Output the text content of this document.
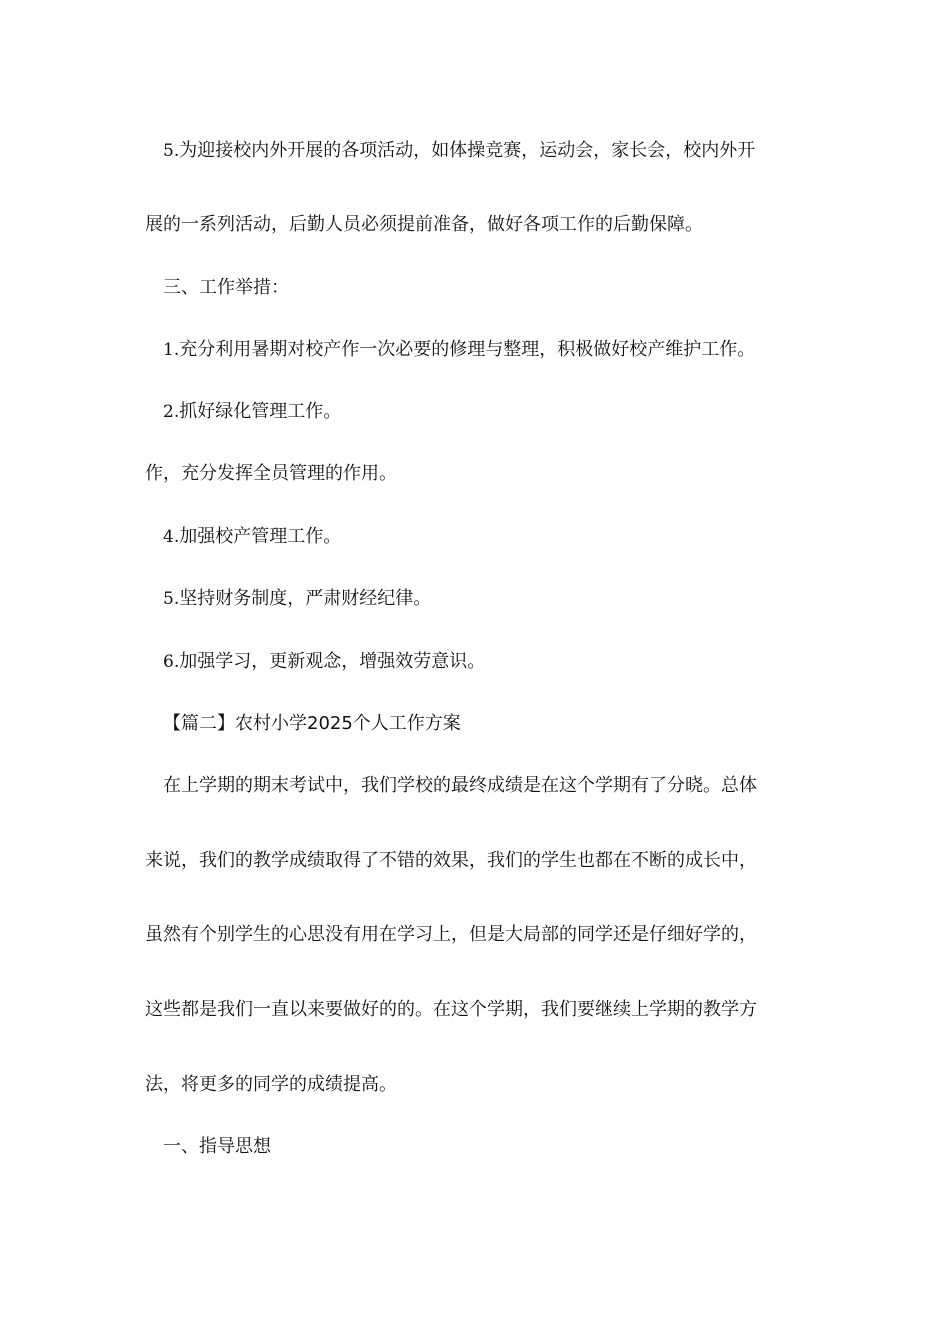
5.为迎接校内外开展的各项活动，如体操竞赛，运动会，家长会，校内外开
展的一系列活动，后勤人员必须提前准备，做好各项工作的后勤保障。
三、工作举措：
1.充分利用暑期对校产作一次必要的修理与整理，积极做好校产维护工作。
2.抓好绿化管理工作。
作，充分发挥全员管理的作用。
4.加强校产管理工作。
5.坚持财务制度，严肃财经纪律。
6.加强学习，更新观念，增强效劳意识。
【篇二】农村小学2025个人工作方案
在上学期的期末考试中，我们学校的最终成绩是在这个学期有了分晓。总体
来说，我们的教学成绩取得了不错的效果，我们的学生也都在不断的成长中，
虽然有个别学生的心思没有用在学习上，但是大局部的同学还是仔细好学的，
这些都是我们一直以来要做好的的。在这个学期，我们要继续上学期的教学方
法，将更多的同学的成绩提高。
一、指导思想
